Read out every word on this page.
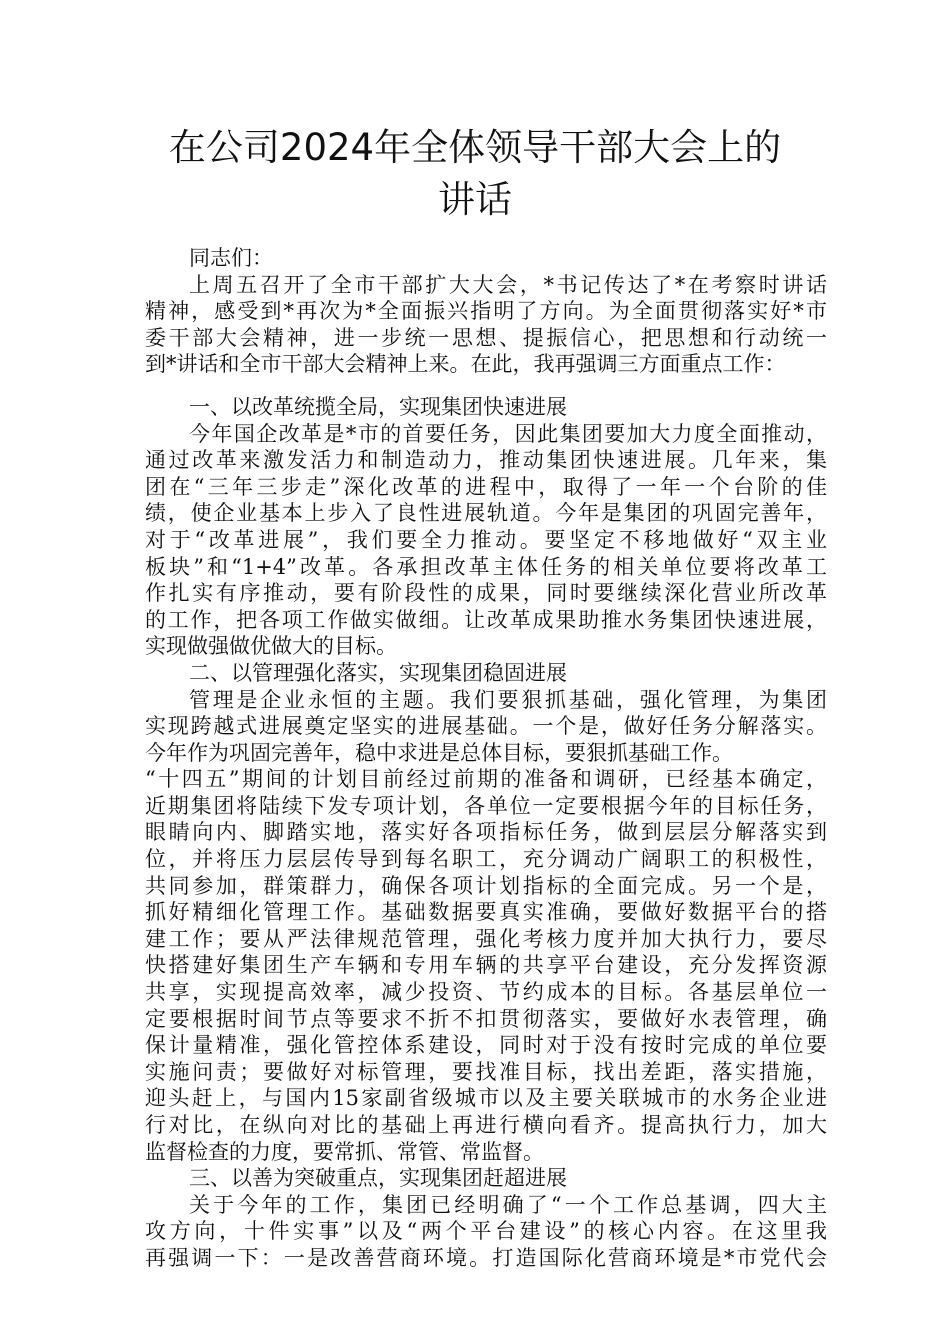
在公司2024年全体领导干部大会上的
讲话
同志们：
上周五召开了全市干部扩大大会，*书记传达了*在考察时讲话
精神，感受到*再次为*全面振兴指明了方向。为全面贯彻落实好*市
委干部大会精神，进一步统一思想、提振信心，把思想和行动统一
到*讲话和全市干部大会精神上来。在此，我再强调三方面重点工作：
一、以改革统揽全局，实现集团快速进展
今年国企改革是*市的首要任务，因此集团要加大力度全面推动，
通过改革来激发活力和制造动力，推动集团快速进展。几年来，集
团在“三年三步走”深化改革的进程中，取得了一年一个台阶的佳
绩，使企业基本上步入了良性进展轨道。今年是集团的巩固完善年，
对于“改革进展”，我们要全力推动。要坚定不移地做好“双主业
板块”和“1+4”改革。各承担改革主体任务的相关单位要将改革工
作扎实有序推动，要有阶段性的成果，同时要继续深化营业所改革
的工作，把各项工作做实做细。让改革成果助推水务集团快速进展，
实现做强做优做大的目标。
二、以管理强化落实，实现集团稳固进展
管理是企业永恒的主题。我们要狠抓基础，强化管理，为集团
实现跨越式进展奠定坚实的进展基础。一个是，做好任务分解落实。
今年作为巩固完善年，稳中求进是总体目标，要狠抓基础工作。
“十四五”期间的计划目前经过前期的准备和调研，已经基本确定，
近期集团将陆续下发专项计划，各单位一定要根据今年的目标任务，
眼睛向内、脚踏实地，落实好各项指标任务，做到层层分解落实到
位，并将压力层层传导到每名职工，充分调动广阔职工的积极性，
共同参加，群策群力，确保各项计划指标的全面完成。另一个是，
抓好精细化管理工作。基础数据要真实准确，要做好数据平台的搭
建工作；要从严法律规范管理，强化考核力度并加大执行力，要尽
快搭建好集团生产车辆和专用车辆的共享平台建设，充分发挥资源
共享，实现提高效率，减少投资、节约成本的目标。各基层单位一
定要根据时间节点等要求不折不扣贯彻落实，要做好水表管理，确
保计量精准，强化管控体系建设，同时对于没有按时完成的单位要
实施问责；要做好对标管理，要找准目标，找出差距，落实措施，
迎头赶上，与国内15家副省级城市以及主要关联城市的水务企业进
行对比，在纵向对比的基础上再进行横向看齐。提高执行力，加大
监督检查的力度，要常抓、常管、常监督。
三、以善为突破重点，实现集团赶超进展
关于今年的工作，集团已经明确了“一个工作总基调，四大主
攻方向，十件实事”以及“两个平台建设”的核心内容。在这里我
再强调一下：一是改善营商环境。打造国际化营商环境是*市党代会
